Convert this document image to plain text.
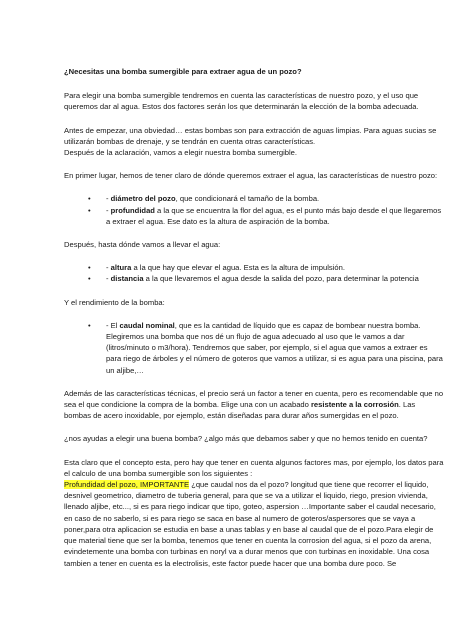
¿Necesitas una bomba sumergible para extraer agua de un pozo?

Para elegir una bomba sumergible tendremos en cuenta las características de nuestro pozo, y el uso que queremos dar al agua. Estos dos factores serán los que determinarán la elección de la bomba adecuada.

Antes de empezar, una obviedad… estas bombas son para extracción de aguas limpias. Para aguas sucias se utilizarán bombas de drenaje, y se tendrán en cuenta otras características.
Después de la aclaración, vamos a elegir nuestra bomba sumergible.

En primer lugar, hemos de tener claro de dónde queremos extraer el agua, las características de nuestro pozo:

• - diámetro del pozo, que condicionará el tamaño de la bomba.
• - profundidad a la que se encuentra la flor del agua, es el punto más bajo desde el que llegaremos a extraer el agua. Ese dato es la altura de aspiración de la bomba.

Después, hasta dónde vamos a llevar el agua:

• - altura a la que hay que elevar el agua. Esta es la altura de impulsión.
• - distancia a la que llevaremos el agua desde la salida del pozo, para determinar la potencia

Y el rendimiento de la bomba:

• - El caudal nominal, que es la cantidad de líquido que es capaz de bombear nuestra bomba. Elegiremos una bomba que nos dé un flujo de agua adecuado al uso que le vamos a dar (litros/minuto o m3/hora). Tendremos que saber, por ejemplo, si el agua que vamos a extraer es para riego de árboles y el número de goteros que vamos a utilizar, si es agua para una piscina, para un aljibe,…

Además de las características técnicas, el precio será un factor a tener en cuenta, pero es recomendable que no sea el que condicione la compra de la bomba. Elige una con un acabado resistente a la corrosión. Las bombas de acero inoxidable, por ejemplo, están diseñadas para durar años sumergidas en el pozo.

¿nos ayudas a elegir una buena bomba? ¿algo más que debamos saber y que no hemos tenido en cuenta?

Esta claro que el concepto esta, pero hay que tener en cuenta algunos factores mas, por ejemplo, los datos para el calculo de una bomba sumergible son los siguientes :
Profundidad del pozo, IMPORTANTE ¿que caudal nos da el pozo? longitud que tiene que recorrer el liquido, desnivel geometrico, diametro de tuberia general, para que se va a utilizar el liquido, riego, presion vivienda, llenado aljibe, etc..., si es para riego indicar que tipo, goteo, aspersion …Importante saber el caudal necesario, en caso de no saberlo, si es para riego se saca en base al numero de goteros/aspersores que se vaya a poner,para otra aplicacion se estudia en base a unas tablas y en base al caudal que de el pozo.Para elegir de que material tiene que ser la bomba, tenemos que tener en cuenta la corrosion del agua, si el pozo da arena, evindetemente una bomba con turbinas en noryl va a durar menos que con turbinas en inoxidable. Una cosa tambien a tener en cuenta es la electrolisis, este factor puede hacer que una bomba dure poco. Se
